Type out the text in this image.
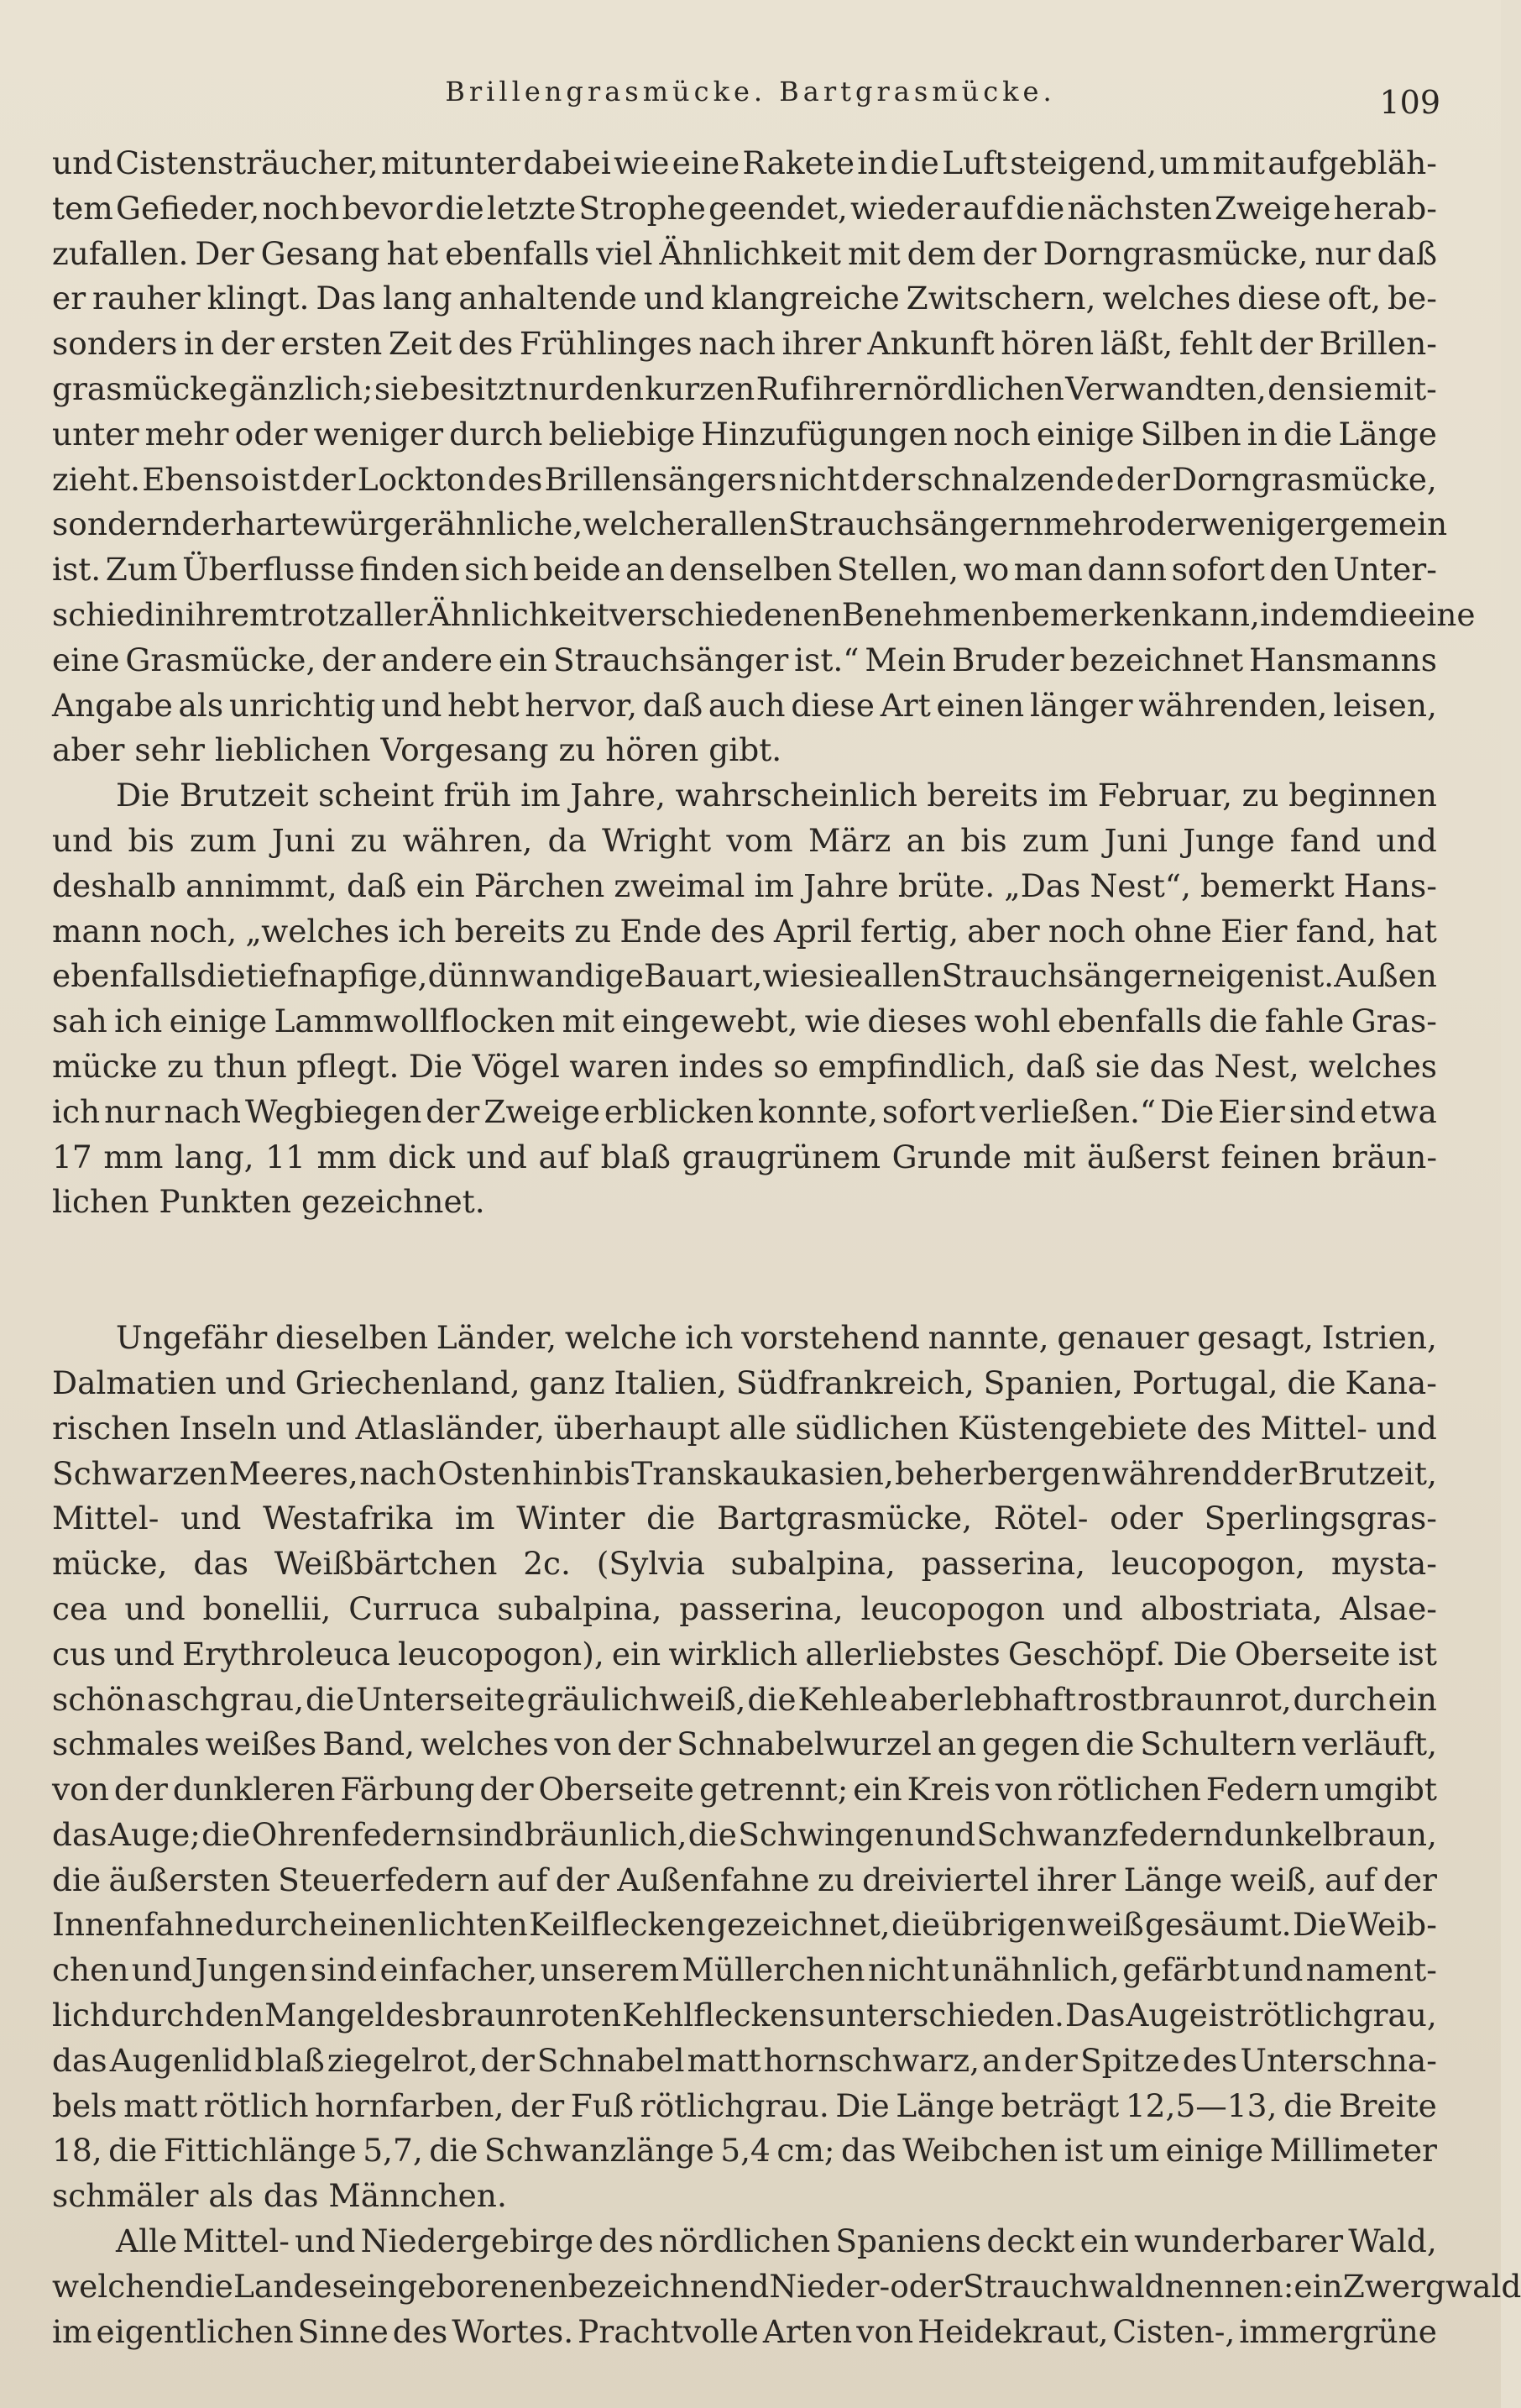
Brillengrasmücke. Bartgrasmücke.	109
und Cistensträucher, mitunter dabei wie eine Rakete in die Luft steigend, um mit aufgebläh-
tem Gefieder, noch bevor die letzte Strophe geendet, wieder auf die nächsten Zweige herab-
zufallen. Der Gesang hat ebenfalls viel Ähnlichkeit mit dem der Dorngrasmücke, nur daß
er rauher klingt. Das lang anhaltende und klangreiche Zwitschern, welches diese oft, be-
sonders in der ersten Zeit des Frühlinges nach ihrer Ankunft hören läßt, fehlt der Brillen-
grasmücke gänzlich; sie besitzt nur den kurzen Ruf ihrer nördlichen Verwandten, den sie mit-
unter mehr oder weniger durch beliebige Hinzufügungen noch einige Silben in die Länge
zieht. Ebenso ist der Lockton des Brillensängers nicht der schnalzende der Dorngrasmücke,
sondern der harte würgerähnliche, welcher allen Strauchsängern mehr oder weniger gemein
ist. Zum Überflusse finden sich beide an denselben Stellen, wo man dann sofort den Unter-
schied in ihrem trotz aller Ähnlichkeit verschiedenen Benehmen bemerken kann, indem die eine
eine Grasmücke, der andere ein Strauchsänger ist.“ Mein Bruder bezeichnet Hansmanns
Angabe als unrichtig und hebt hervor, daß auch diese Art einen länger währenden, leisen,
aber sehr lieblichen Vorgesang zu hören gibt.
Die Brutzeit scheint früh im Jahre, wahrscheinlich bereits im Februar, zu beginnen
und bis zum Juni zu währen, da Wright vom März an bis zum Juni Junge fand und
deshalb annimmt, daß ein Pärchen zweimal im Jahre brüte. „Das Nest“, bemerkt Hans-
mann noch, „welches ich bereits zu Ende des April fertig, aber noch ohne Eier fand, hat
ebenfalls die tiefnapfige, dünnwandige Bauart, wie sie allen Strauchsängern eigen ist. Außen
sah ich einige Lammwollflocken mit eingewebt, wie dieses wohl ebenfalls die fahle Gras-
mücke zu thun pflegt. Die Vögel waren indes so empfindlich, daß sie das Nest, welches
ich nur nach Wegbiegen der Zweige erblicken konnte, sofort verließen.“ Die Eier sind etwa
17 mm lang, 11 mm dick und auf blaß graugrünem Grunde mit äußerst feinen bräun-
lichen Punkten gezeichnet.
Ungefähr dieselben Länder, welche ich vorstehend nannte, genauer gesagt, Istrien,
Dalmatien und Griechenland, ganz Italien, Südfrankreich, Spanien, Portugal, die Kana-
rischen Inseln und Atlasländer, überhaupt alle südlichen Küstengebiete des Mittel- und
Schwarzen Meeres, nach Osten hin bis Transkaukasien, beherbergen während der Brutzeit,
Mittel- und Westafrika im Winter die Bartgrasmücke, Rötel- oder Sperlingsgras-
mücke, das Weißbärtchen 2c. (Sylvia subalpina, passerina, leucopogon, mysta-
cea und bonellii, Curruca subalpina, passerina, leucopogon und albostriata, Alsae-
cus und Erythroleuca leucopogon), ein wirklich allerliebstes Geschöpf. Die Oberseite ist
schön aschgrau, die Unterseite gräulichweiß, die Kehle aber lebhaft rostbraunrot, durch ein
schmales weißes Band, welches von der Schnabelwurzel an gegen die Schultern verläuft,
von der dunkleren Färbung der Oberseite getrennt; ein Kreis von rötlichen Federn umgibt
das Auge; die Ohrenfedern sind bräunlich, die Schwingen und Schwanzfedern dunkelbraun,
die äußersten Steuerfedern auf der Außenfahne zu dreiviertel ihrer Länge weiß, auf der
Innenfahne durch einen lichten Keilflecken gezeichnet, die übrigen weiß gesäumt. Die Weib-
chen und Jungen sind einfacher, unserem Müllerchen nicht unähnlich, gefärbt und nament-
lich durch den Mangel des braunroten Kehlfleckens unterschieden. Das Auge ist rötlichgrau,
das Augenlid blaß ziegelrot, der Schnabel matt hornschwarz, an der Spitze des Unterschna-
bels matt rötlich hornfarben, der Fuß rötlichgrau. Die Länge beträgt 12,5—13, die Breite
18, die Fittichlänge 5,7, die Schwanzlänge 5,4 cm; das Weibchen ist um einige Millimeter
schmäler als das Männchen.
Alle Mittel- und Niedergebirge des nördlichen Spaniens deckt ein wunderbarer Wald,
welchen die Landeseingeborenen bezeichnend Nieder- oder Strauchwald nennen: ein Zwergwald
im eigentlichen Sinne des Wortes. Prachtvolle Arten von Heidekraut, Cisten-, immergrüne
